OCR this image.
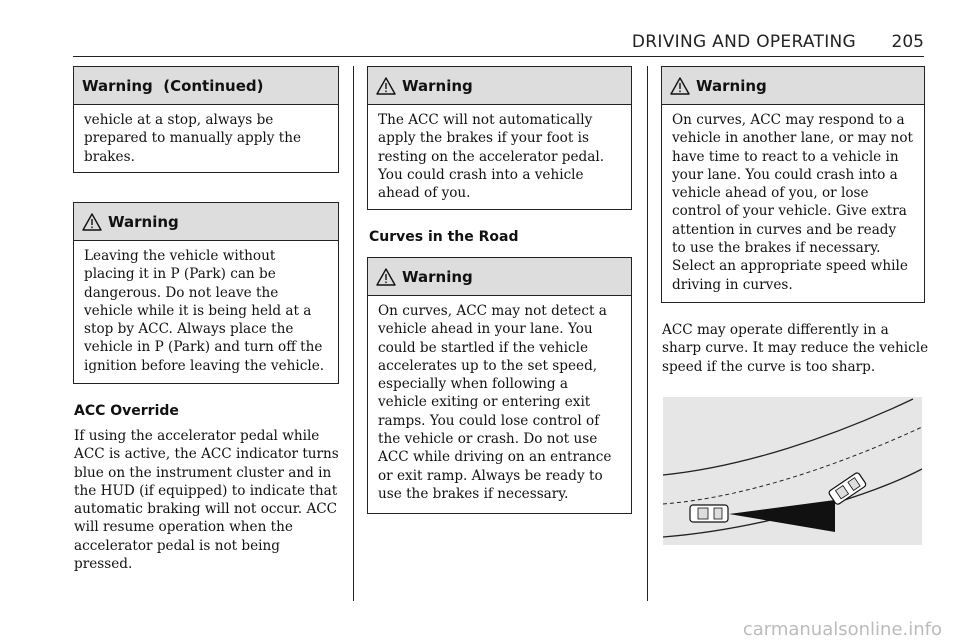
DRIVING AND OPERATING 205
Warning  (Continued)
vehicle at a stop, always be prepared to manually apply the brakes.
Warning
Leaving the vehicle without placing it in P (Park) can be dangerous. Do not leave the vehicle while it is being held at a stop by ACC. Always place the vehicle in P (Park) and turn off the ignition before leaving the vehicle.
ACC Override
If using the accelerator pedal while ACC is active, the ACC indicator turns blue on the instrument cluster and in the HUD (if equipped) to indicate that automatic braking will not occur. ACC will resume operation when the accelerator pedal is not being pressed.
Warning
The ACC will not automatically apply the brakes if your foot is resting on the accelerator pedal. You could crash into a vehicle ahead of you.
Curves in the Road
Warning
On curves, ACC may not detect a vehicle ahead in your lane. You could be startled if the vehicle accelerates up to the set speed, especially when following a vehicle exiting or entering exit ramps. You could lose control of the vehicle or crash. Do not use ACC while driving on an entrance or exit ramp. Always be ready to use the brakes if necessary.
Warning
On curves, ACC may respond to a vehicle in another lane, or may not have time to react to a vehicle in your lane. You could crash into a vehicle ahead of you, or lose control of your vehicle. Give extra attention in curves and be ready to use the brakes if necessary. Select an appropriate speed while driving in curves.
ACC may operate differently in a sharp curve. It may reduce the vehicle speed if the curve is too sharp.
carmanualsonline.info
